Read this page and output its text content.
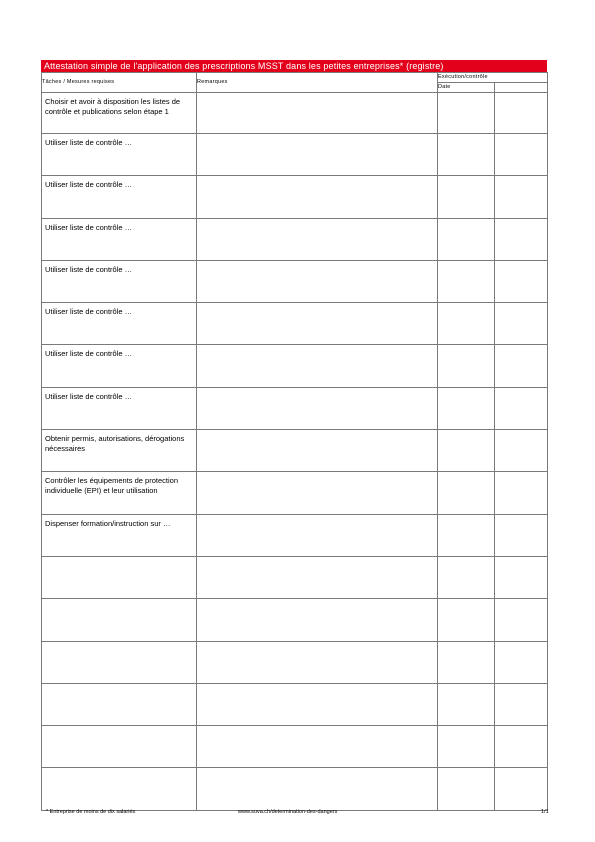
Attestation simple de l'application des prescriptions MSST dans les petites entreprises* (registre)
Tâches / Mesures requises	Remarques	Exécution/contrôle	
		Date	
Choisir et avoir à disposition les listes de contrôle et publications selon étape 1			
Utiliser liste de contrôle …			
Utiliser liste de contrôle …			
Utiliser liste de contrôle …			
Utiliser liste de contrôle …			
Utiliser liste de contrôle …			
Utiliser liste de contrôle …			
Utiliser liste de contrôle …			
Obtenir permis, autorisations, dérogations nécessaires			
Contrôler les équipements de protection individuelle (EPI) et leur utilisation			
Dispenser formation/instruction sur …			

* Entreprise de moins de dix salariés	www.suva.ch/determination-des-dangers	1/1
